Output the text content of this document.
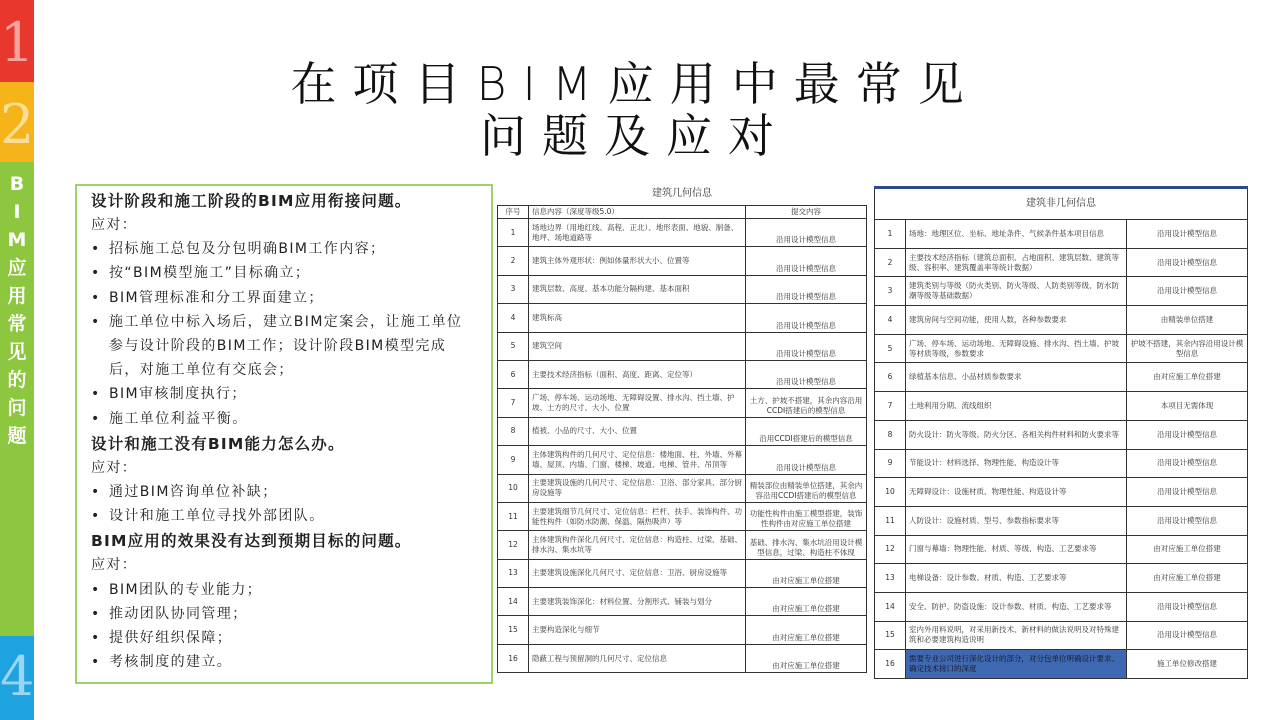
1
2
4
B
I
M
应
用
常
见
的
问
题
在项目BIM应用中最常见
问题及应对
设计阶段和施工阶段的BIM应用衔接问题。
应对：
• 招标施工总包及分包明确BIM工作内容；
• 按“BIM模型施工”目标确立；
• BIM管理标准和分工界面建立；
• 施工单位中标入场后，建立BIM定案会，让施工单位参与设计阶段的BIM工作；设计阶段BIM模型完成后，对施工单位有交底会；
• BIM审核制度执行；
• 施工单位利益平衡。
设计和施工没有BIM能力怎么办。
应对：
• 通过BIM咨询单位补缺；
• 设计和施工单位寻找外部团队。
BIM应用的效果没有达到预期目标的问题。
应对：
• BIM团队的专业能力；
• 推动团队协同管理；
• 提供好组织保障；
• 考核制度的建立。
建筑几何信息		
序号	信息内容（深度等级5.0）	提交内容
1	场地边界（用地红线、高程、正北）、地形表面、地貌、制备、地坪、场地道路等	沿用设计模型信息
2	建筑主体外观形状：例如体量形状大小、位置等	沿用设计模型信息
3	建筑层数、高度、基本功能分隔构建、基本面积	沿用设计模型信息
4	建筑标高	沿用设计模型信息
5	建筑空间	沿用设计模型信息
6	主要技术经济指标（面积、高度、距离、定位等）	沿用设计模型信息
7	广场、停车场、运动场地、无障碍设置、排水沟、挡土墙、护坡、土方的尺寸、大小、位置	土方、护坡不搭建，其余内容沿用CCDI搭建后的模型信息
8	植被、小品的尺寸、大小、位置	沿用CCDI搭建后的模型信息
9	主体建筑构件的几何尺寸、定位信息：楼地面、柱、外墙、外幕墙、屋顶、内墙、门窗、楼梯、坡道、电梯、管井、吊顶等	沿用设计模型信息
10	主要建筑设施的几何尺寸、定位信息：卫浴、部分家具、部分厨房设施等	精装部位由精装单位搭建，其余内容沿用CCDI搭建后的模型信息
11	主要建筑细节几何尺寸、定位信息：栏杆、扶手、装饰构件、功能性构件（如防水防潮、保温、隔热吸声）等	功能性构件由施工模型搭建，装饰性构件由对应施工单位搭建
12	主体建筑构件深化几何尺寸、定位信息：构造柱、过梁、基础、排水沟、集水坑等	基础、排水沟、集水坑沿用设计模型信息，过梁、构造柱不体现
13	主要建筑设施深化几何尺寸、定位信息：卫浴、厨房设施等	由对应施工单位搭建
14	主要建筑装饰深化：材料位置、分割形式、铺装与划分	由对应施工单位搭建
15	主要构造深化与细节	由对应施工单位搭建
16	隐蔽工程与预留洞的几何尺寸、定位信息	由对应施工单位搭建
建筑非几何信息		
1	场地：地理区位、坐标、地址条件、气候条件基本项目信息	沿用设计模型信息
2	主要技术经济指标（建筑总面积、占地面积、建筑层数、建筑等级、容积率、建筑覆盖率等统计数据）	沿用设计模型信息
3	建筑类别与等级（防火类别、防火等级、人防类别等级、防水防潮等级等基础数据）	沿用设计模型信息
4	建筑房间与空间功能，使用人数，各种参数要求	由精装单位搭建
5	广场、停车场、运动场地、无障碍设施、排水沟、挡土墙、护坡等材质等级，参数要求	护坡不搭建，其余内容沿用设计模型信息
6	绿植基本信息、小品材质参数要求	由对应施工单位搭建
7	土地利用分期、流线组织	本项目无需体现
8	防火设计：防火等级、防火分区、各相关构件材料和防火要求等	沿用设计模型信息
9	节能设计：材料选择、物理性能、构造设计等	沿用设计模型信息
10	无障碍设计：设施材质、物理性能、构造设计等	沿用设计模型信息
11	人防设计：设施材质、型号、参数指标要求等	沿用设计模型信息
12	门窗与幕墙：物理性能、材质、等级、构造、工艺要求等	由对应施工单位搭建
13	电梯设备：设计参数、材质、构造、工艺要求等	由对应施工单位搭建
14	安全、防护、防盗设施：设计参数、材质、构造、工艺要求等	沿用设计模型信息
15	室内外用料说明，对采用新技术、新材料的做法说明及对特殊建筑和必要建筑构造说明	沿用设计模型信息
16	需要专业公司进行深化设计的部分，对分包单位明确设计要求、确定技术接口的深度	施工单位修改搭建
